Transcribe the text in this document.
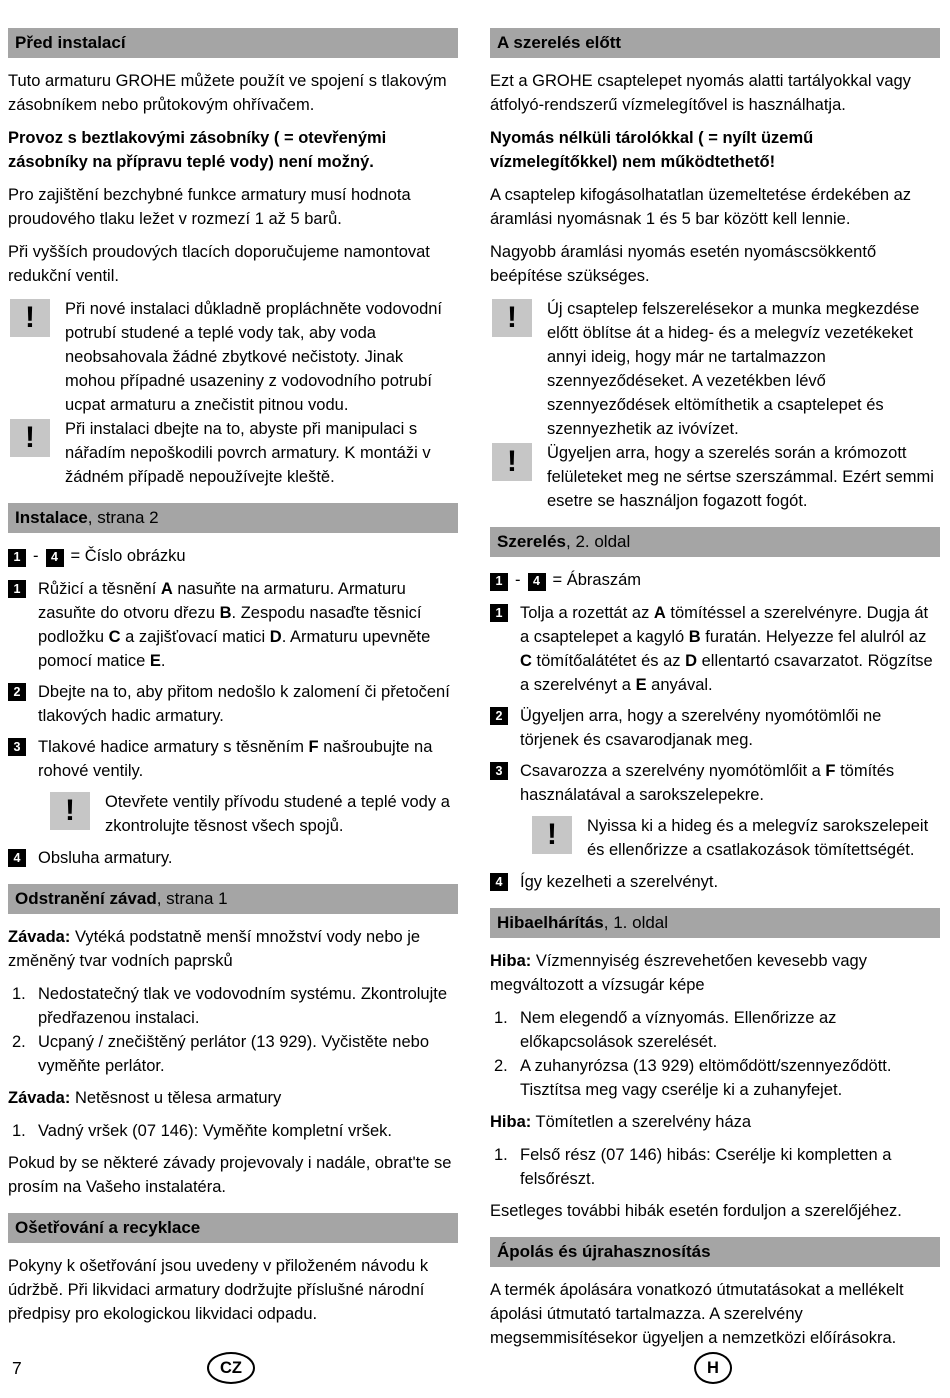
Před instalací

Tuto armaturu GROHE můžete použít ve spojení s tlakovým zásobníkem nebo průtokovým ohřívačem.

Provoz s beztlakovými zásobníky ( = otevřenými zásobníky na přípravu teplé vody) není možný.

Pro zajištění bezchybné funkce armatury musí hodnota proudového tlaku ležet v rozmezí 1 až 5 barů.

Při vyšších proudových tlacích doporučujeme namontovat redukční ventil.

! Při nové instalaci důkladně propláchněte vodovodní potrubí studené a teplé vody tak, aby voda neobsahovala žádné zbytkové nečistoty. Jinak mohou případné usazeniny z vodovodního potrubí ucpat armaturu a znečistit pitnou vodu.
! Při instalaci dbejte na to, abyste při manipulaci s nářadím nepoškodili povrch armatury. K montáži v žádném případě nepoužívejte kleště.
Instalace, strana 2
1 -	4 = Číslo obrázku
1	Růžicí a těsnění A nasuňte na armaturu. Armaturu zasuňte do otvoru dřezu B. Zespodu nasaďte těsnicí podložku C a zajišťovací matici D. Armaturu upevněte pomocí matice E.
2	Dbejte na to, aby přitom nedošlo k zalomení či přetočení tlakových hadic armatury.
3	Tlakové hadice armatury s těsněním F našroubujte na rohové ventily.
! Otevřete ventily přívodu studené a teplé vody a zkontrolujte těsnost všech spojů.
4	Obsluha armatury.
Odstranění závad, strana 1

Závada: Vytéká podstatně menší množství vody nebo je změněný tvar vodních paprsků

1. Nedostatečný tlak ve vodovodním systému. Zkontrolujte předřazenou instalaci.
2. Ucpaný / znečištěný perlátor (13 929). Vyčistěte nebo vyměňte perlátor.

Závada: Netěsnost u tělesa armatury

1. Vadný vršek (07 146): Vyměňte kompletní vršek.

Pokud by se některé závady projevovaly i nadále, obrat'te se prosím na Vašeho instalatéra.

Ošetřování a recyklace

Pokyny k ošetřování jsou uvedeny v přiloženém návodu k údržbě. Při likvidaci armatury dodržujte příslušné národní předpisy pro ekologickou likvidaci odpadu.

A szerelés előtt

Ezt a GROHE csaptelepet nyomás alatti tartályokkal vagy átfolyó-rendszerű vízmelegítővel is használhatja.

Nyomás nélküli tárolókkal ( = nyílt üzemű vízmelegítőkkel) nem működtethető!

A csaptelep kifogásolhatatlan üzemeltetése érdekében az áramlási nyomásnak 1 és 5 bar között kell lennie.

Nagyobb áramlási nyomás esetén nyomáscsökkentő beépítése szükséges.

! Új csaptelep felszerelésekor a munka megkezdése előtt öblítse át a hideg- és a melegvíz vezetékeket annyi ideig, hogy már ne tartalmazzon szennyeződéseket. A vezetékben lévő szennyeződések eltömíthetik a csaptelepet és szennyezhetik az ivóvízet.
! Ügyeljen arra, hogy a szerelés során a krómozott felületeket meg ne sértse szerszámmal. Ezért semmi esetre se használjon fogazott fogót.
Szerelés, 2. oldal
1 -	4 = Ábraszám
1	Tolja a rozettát az A tömítéssel a szerelvényre. Dugja át a csaptelepet a kagyló B furatán. Helyezze fel alulról az C tömítőalátétet és az D ellentartó csavarzatot. Rögzítse a szerelvényt a E anyával.
2	Ügyeljen arra, hogy a szerelvény nyomótömlői ne törjenek és csavarodjanak meg.
3	Csavarozza a szerelvény nyomótömlőit a F tömítés használatával a sarokszelepekre.
! Nyissa ki a hideg és a melegvíz sarokszelepeit és ellenőrizze a csatlakozások tömítettségét.
4	Így kezelheti a szerelvényt.
Hibaelhárítás, 1. oldal

Hiba: Vízmennyiség észrevehetően kevesebb vagy megváltozott a vízsugár képe

1. Nem elegendő a víznyomás. Ellenőrizze az előkapcsolások szerelését.
2. A zuhanyrózsa (13 929) eltömődött/szennyeződött. Tisztítsa meg vagy cserélje ki a zuhanyfejet.

Hiba: Tömítetlen a szerelvény háza

1. Felső rész (07 146) hibás: Cserélje ki kompletten a felsőrészt.

Esetleges további hibák esetén forduljon a szerelőjéhez.

Ápolás és újrahasznosítás

A termék ápolására vonatkozó útmutatásokat a mellékelt ápolási útmutató tartalmazza. A szerelvény megsemmisítésekor ügyeljen a nemzetközi előírásokra.

7	CZ	H
